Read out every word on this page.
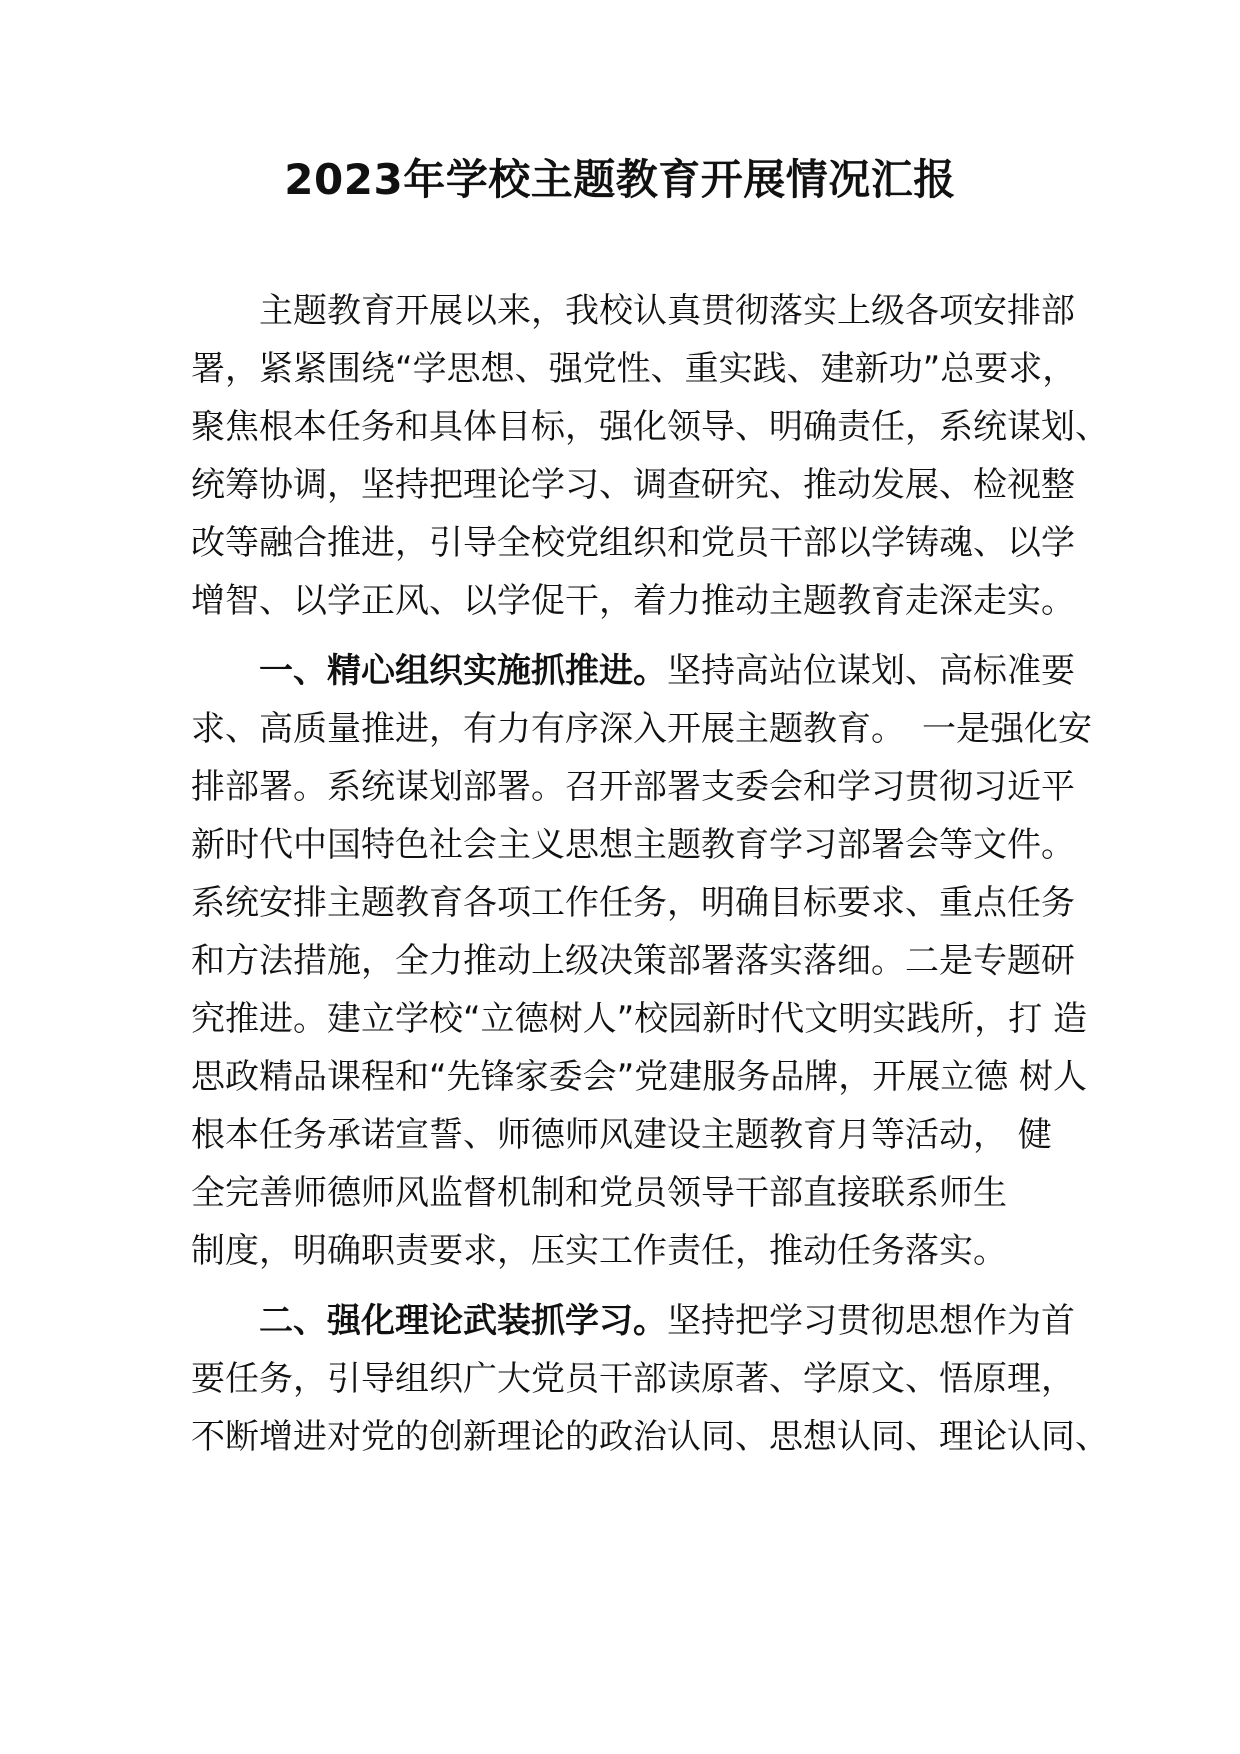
2023年学校主题教育开展情况汇报
　　主题教育开展以来，我校认真贯彻落实上级各项安排部
署，紧紧围绕“学思想、强党性、重实践、建新功”总要求，
聚焦根本任务和具体目标，强化领导、明确责任，系统谋划、
统筹协调，坚持把理论学习、调查研究、推动发展、检视整
改等融合推进，引导全校党组织和党员干部以学铸魂、以学
增智、以学正风、以学促干，着力推动主题教育走深走实。
　　一、精心组织实施抓推进。坚持高站位谋划、高标准要
求、高质量推进，有力有序深入开展主题教育。　一是强化安
排部署。系统谋划部署。召开部署支委会和学习贯彻习近平
新时代中国特色社会主义思想主题教育学习部署会等文件。
系统安排主题教育各项工作任务，明确目标要求、重点任务
和方法措施，全力推动上级决策部署落实落细。二是专题研
究推进。建立学校“立德树人”校园新时代文明实践所，打 造
思政精品课程和“先锋家委会”党建服务品牌，开展立德 树人
根本任务承诺宣誓、师德师风建设主题教育月等活动， 健
全完善师德师风监督机制和党员领导干部直接联系师生
制度，明确职责要求，压实工作责任，推动任务落实。
　　二、强化理论武装抓学习。坚持把学习贯彻思想作为首
要任务，引导组织广大党员干部读原著、学原文、悟原理，
不断增进对党的创新理论的政治认同、思想认同、理论认同、
